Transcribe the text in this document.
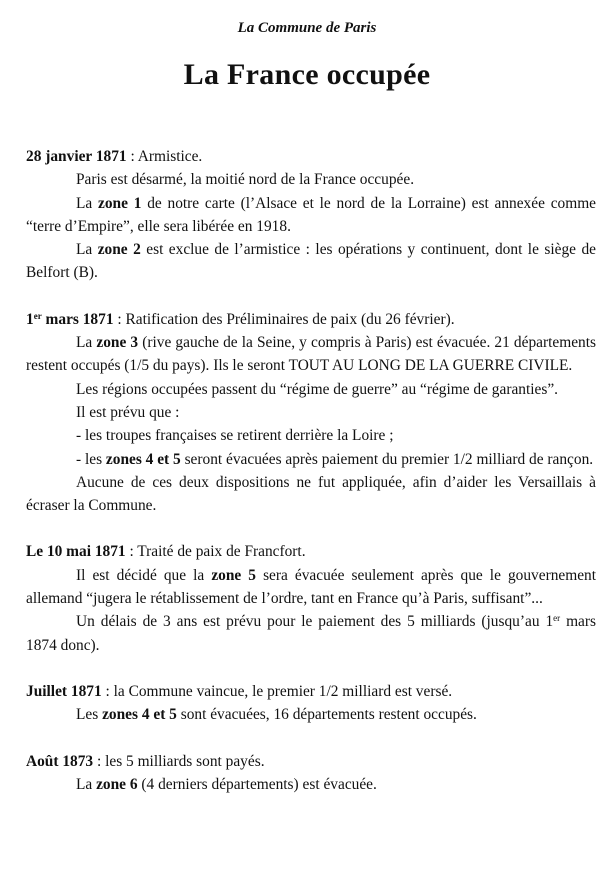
La Commune de Paris
La France occupée

28 janvier 1871 : Armistice.

Paris est désarmé, la moitié nord de la France occupée.

La zone 1 de notre carte (l’Alsace et le nord de la Lorraine) est annexée comme “terre d’Empire”, elle sera libérée en 1918.

La zone 2 est exclue de l’armistice : les opérations y continuent, dont le siège de Belfort (B).

1er mars 1871 : Ratification des Préliminaires de paix (du 26 février).

La zone 3 (rive gauche de la Seine, y compris à Paris) est évacuée. 21 départements restent occupés (1/5 du pays). Ils le seront TOUT AU LONG DE LA GUERRE CIVILE.

Les régions occupées passent du “régime de guerre” au “régime de garanties”.

Il est prévu que :

- les troupes françaises se retirent derrière la Loire ;

- les zones 4 et 5 seront évacuées après paiement du premier 1/2 milliard de rançon.

Aucune de ces deux dispositions ne fut appliquée, afin d’aider les Versaillais à écraser la Commune.

Le 10 mai 1871 : Traité de paix de Francfort.

Il est décidé que la zone 5 sera évacuée seulement après que le gouvernement allemand “jugera le rétablissement de l’ordre, tant en France qu’à Paris, suffisant”...

Un délais de 3 ans est prévu pour le paiement des 5 milliards (jusqu’au 1er mars 1874 donc).

Juillet 1871 : la Commune vaincue, le premier 1/2 milliard est versé.

Les zones 4 et 5 sont évacuées, 16 départements restent occupés.

Août 1873 : les 5 milliards sont payés.

La zone 6 (4 derniers départements) est évacuée.
